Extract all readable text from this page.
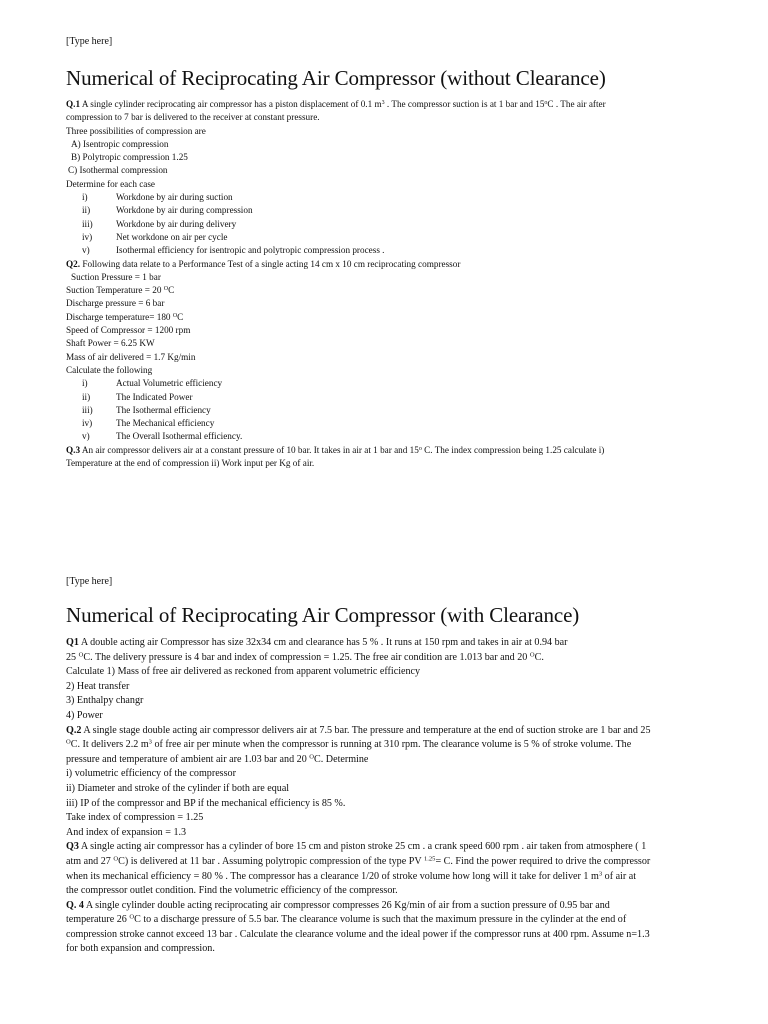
[Type here]

Numerical of Reciprocating Air Compressor (without Clearance)

Q.1 A single cylinder reciprocating air compressor has a piston displacement of 0.1 $m^3$ . The compressor suction is at 1 bar and 15$^o$C . The air after

compression to 7 bar is delivered to the receiver at constant pressure.

Three possibilities of compression are

A) Isentropic compression

B) Polytropic compression 1.25

C) Isothermal compression

Determine for each case

i)	Workdone by air during suction
ii)	Workdone by air during compression
iii)	Workdone by air during delivery
iv)	Net workdone on air per cycle
v)	Isothermal efficiency for isentropic and polytropic compression process .

Q2. Following data relate to a Performance Test of a single acting 14 cm x 10 cm reciprocating compressor

Suction Pressure = 1 bar

Suction Temperature = 20 $^O$C

Discharge pressure = 6 bar

Discharge temperature= 180 $^O$C

Speed of Compressor = 1200 rpm

Shaft Power = 6.25 KW

Mass of air delivered = 1.7 Kg/min

Calculate the following

i)	Actual Volumetric efficiency
ii)	The Indicated Power
iii)	The Isothermal efficiency
iv)	The Mechanical efficiency
v)	The Overall Isothermal efficiency.

Q.3 An air compressor delivers air at a constant pressure of 10 bar. It takes in air at 1 bar and 15$^o$ C. The index compression being 1.25 calculate i)

Temperature at the end of compression ii) Work input per Kg of air.

[Type here]

Numerical of Reciprocating Air Compressor (with Clearance)

Q1 A double acting air Compressor has size 32x34 cm and clearance has 5 % . It runs at 150 rpm and takes in air at 0.94 bar

25 $^O$C. The delivery pressure is 4 bar and index of compression = 1.25. The free air condition are 1.013 bar and 20 $^O$C.

Calculate 1) Mass of free air delivered as reckoned from apparent volumetric efficiency

2) Heat transfer

3) Enthalpy changr

4) Power

Q.2 A single stage double acting air compressor delivers air at 7.5 bar. The pressure and temperature at the end of suction stroke are 1 bar and 25

$^O$C. It delivers 2.2 $m^3$ of free air per minute when the compressor is running at 310 rpm. The clearance volume is 5 % of stroke volume. The

pressure and temperature of ambient air are 1.03 bar and 20 $^O$C. Determine

i) volumetric efficiency of the compressor

ii) Diameter and stroke of the cylinder if both are equal

iii) IP of the compressor and BP if the mechanical efficiency is 85 %.

Take index of compression = 1.25

And index of expansion = 1.3

Q3 A single acting air compressor has a cylinder of bore 15 cm and piston stroke 25 cm . a crank speed 600 rpm . air taken from atmosphere ( 1

atm and 27 $^O$C) is delivered at 11 bar . Assuming polytropic compression of the type PV $^{1.25}$= C. Find the power required to drive the compressor

when its mechanical efficiency = 80 % . The compressor has a clearance 1/20 of stroke volume how long will it take for deliver 1 $m^3$ of air at

the compressor outlet condition. Find the volumetric efficiency of the compressor.

Q. 4 A single cylinder double acting reciprocating air compressor compresses 26 Kg/min of air from a suction pressure of 0.95 bar and

temperature 26 $^O$C to a discharge pressure of 5.5 bar. The clearance volume is such that the maximum pressure in the cylinder at the end of

compression stroke cannot exceed 13 bar . Calculate the clearance volume and the ideal power if the compressor runs at 400 rpm. Assume n=1.3

for both expansion and compression.
